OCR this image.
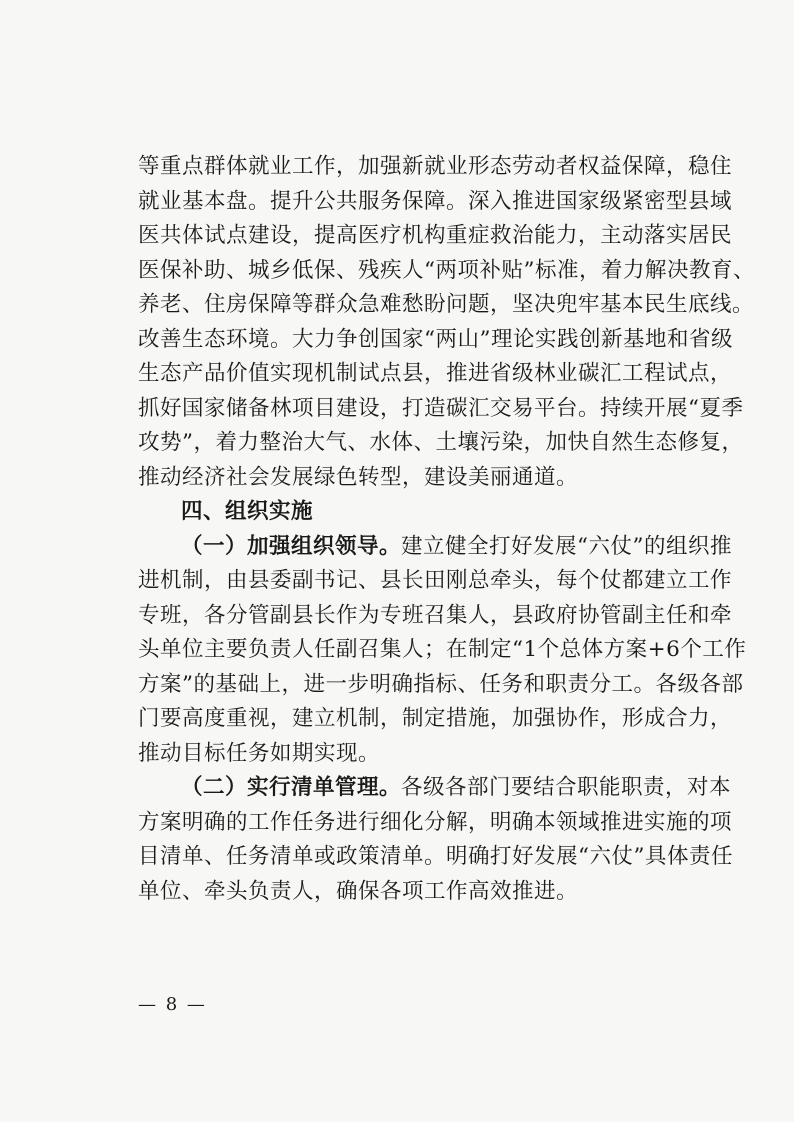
等重点群体就业工作，加强新就业形态劳动者权益保障，稳住
就业基本盘。提升公共服务保障。深入推进国家级紧密型县域
医共体试点建设，提高医疗机构重症救治能力，主动落实居民
医保补助、城乡低保、残疾人“两项补贴”标准，着力解决教育、
养老、住房保障等群众急难愁盼问题，坚决兜牢基本民生底线。
改善生态环境。大力争创国家“两山”理论实践创新基地和省级
生态产品价值实现机制试点县，推进省级林业碳汇工程试点，
抓好国家储备林项目建设，打造碳汇交易平台。持续开展“夏季
攻势”，着力整治大气、水体、土壤污染，加快自然生态修复，
推动经济社会发展绿色转型，建设美丽通道。
四、组织实施
（一）加强组织领导。建立健全打好发展“六仗”的组织推
进机制，由县委副书记、县长田刚总牵头，每个仗都建立工作
专班，各分管副县长作为专班召集人，县政府协管副主任和牵
头单位主要负责人任副召集人；在制定“1个总体方案+6个工作
方案”的基础上，进一步明确指标、任务和职责分工。各级各部
门要高度重视，建立机制，制定措施，加强协作，形成合力，
推动目标任务如期实现。
（二）实行清单管理。各级各部门要结合职能职责，对本
方案明确的工作任务进行细化分解，明确本领域推进实施的项
目清单、任务清单或政策清单。明确打好发展“六仗”具体责任
单位、牵头负责人，确保各项工作高效推进。
— 8 —
